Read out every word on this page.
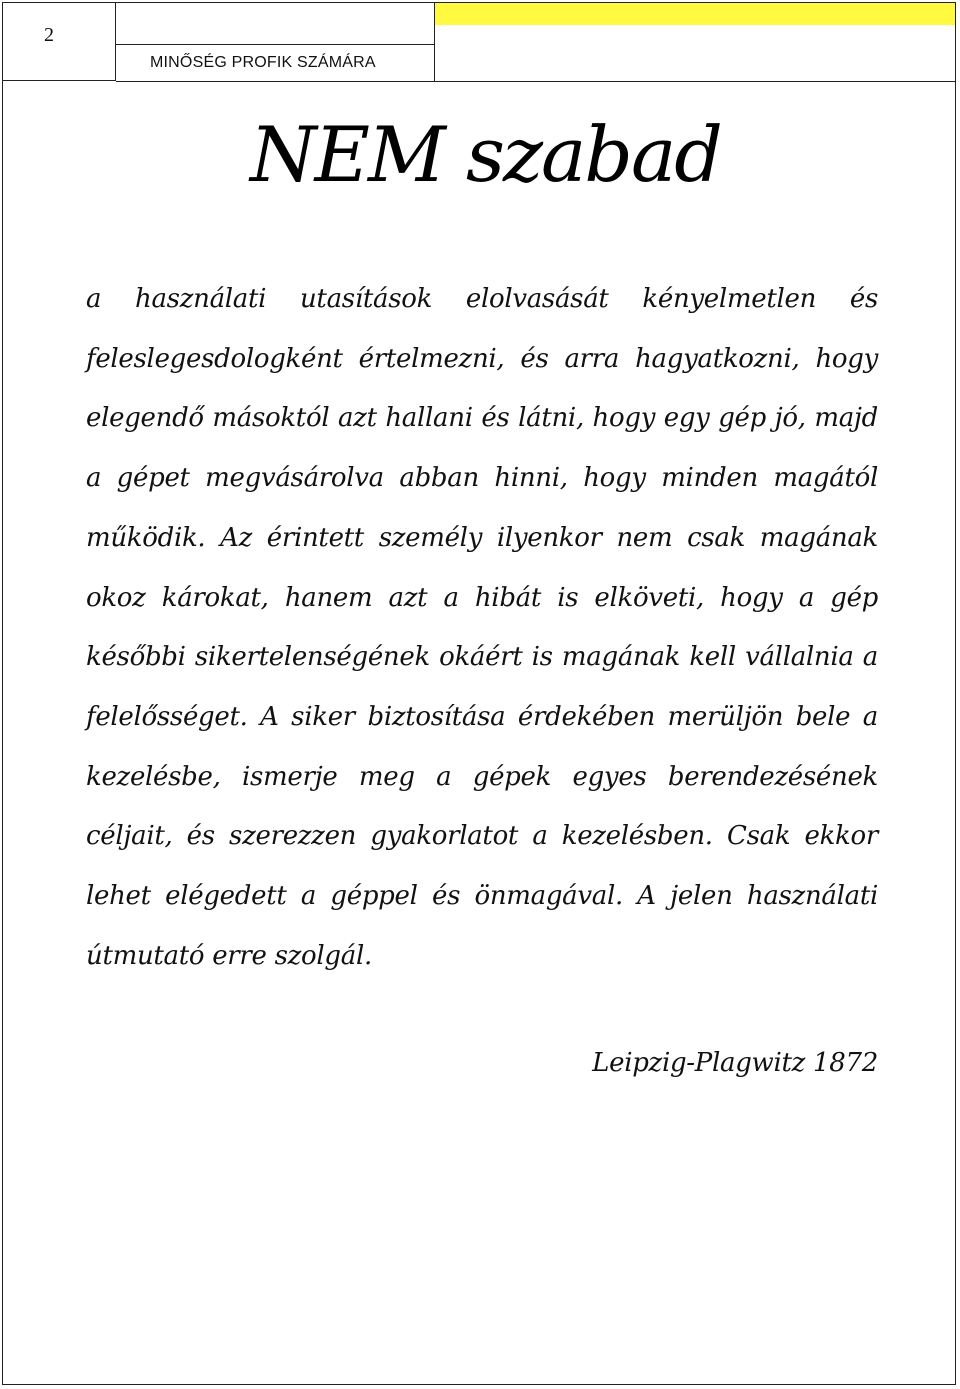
2
MINŐSÉG PROFIK SZÁMÁRA
NEM szabad

a használati utasítások elolvasását kényelmetlen és feleslegesdologként értelmezni, és arra hagyatkozni, hogy elegendő másoktól azt hallani és látni, hogy egy gép jó, majd a gépet megvásárolva abban hinni, hogy minden magától működik. Az érintett személy ilyenkor nem csak magának okoz károkat, hanem azt a hibát is elköveti, hogy a gép későbbi sikertelenségének okáért is magának kell vállalnia a felelősséget. A siker biztosítása érdekében merüljön bele a kezelésbe, ismerje meg a gépek egyes berendezésének céljait, és szerezzen gyakorlatot a kezelésben. Csak ekkor lehet elégedett a géppel és önmagával. A jelen használati útmutató erre szolgál.

Leipzig-Plagwitz 1872
